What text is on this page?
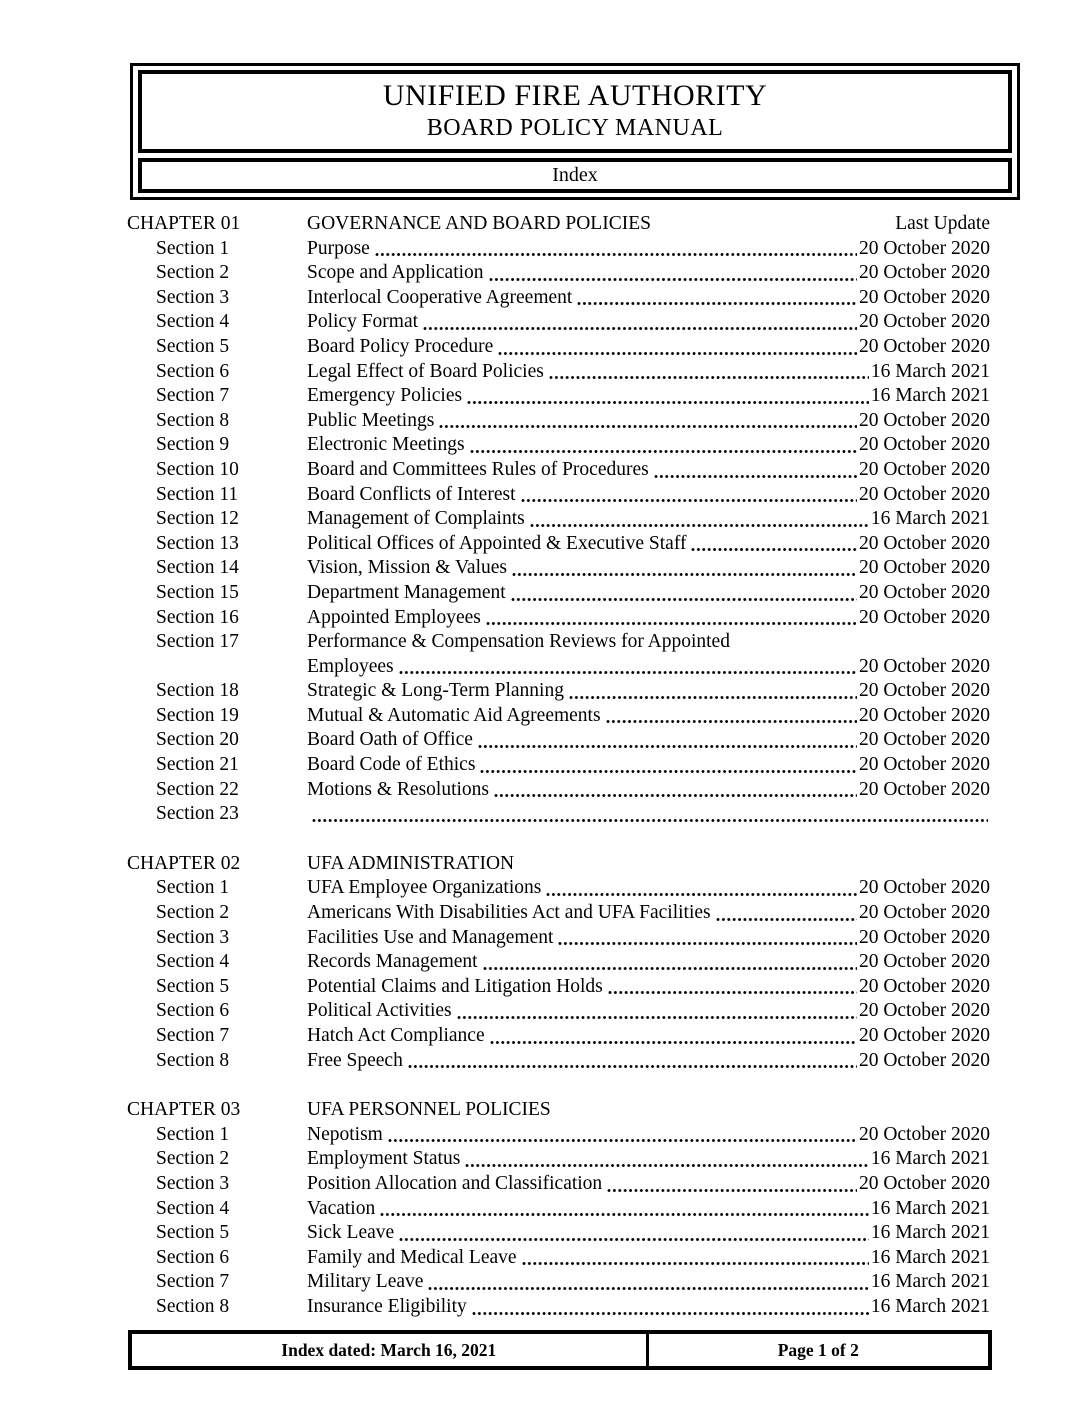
UNIFIED FIRE AUTHORITY
BOARD POLICY MANUAL
Index
CHAPTER 01	GOVERNANCE AND BOARD POLICIES	Last Update
Section 1	Purpose	20 October 2020
Section 2	Scope and Application	20 October 2020
Section 3	Interlocal Cooperative Agreement	20 October 2020
Section 4	Policy Format	20 October 2020
Section 5	Board Policy Procedure	20 October 2020
Section 6	Legal Effect of Board Policies	16 March 2021
Section 7	Emergency Policies	16 March 2021
Section 8	Public Meetings	20 October 2020
Section 9	Electronic Meetings	20 October 2020
Section 10	Board and Committees Rules of Procedures	20 October 2020
Section 11	Board Conflicts of Interest	20 October 2020
Section 12	Management of Complaints	16 March 2021
Section 13	Political Offices of Appointed & Executive Staff	20 October 2020
Section 14	Vision, Mission & Values	20 October 2020
Section 15	Department Management	20 October 2020
Section 16	Appointed Employees	20 October 2020
Section 17	Performance & Compensation Reviews for Appointed
Employees	20 October 2020
Section 18	Strategic & Long-Term Planning	20 October 2020
Section 19	Mutual & Automatic Aid Agreements	20 October 2020
Section 20	Board Oath of Office	20 October 2020
Section 21	Board Code of Ethics	20 October 2020
Section 22	Motions & Resolutions	20 October 2020
Section 23
CHAPTER 02	UFA ADMINISTRATION
Section 1	UFA Employee Organizations	20 October 2020
Section 2	Americans With Disabilities Act and UFA Facilities	20 October 2020
Section 3	Facilities Use and Management	20 October 2020
Section 4	Records Management	20 October 2020
Section 5	Potential Claims and Litigation Holds	20 October 2020
Section 6	Political Activities	20 October 2020
Section 7	Hatch Act Compliance	20 October 2020
Section 8	Free Speech	20 October 2020
CHAPTER 03	UFA PERSONNEL POLICIES
Section 1	Nepotism	20 October 2020
Section 2	Employment Status	16 March 2021
Section 3	Position Allocation and Classification	20 October 2020
Section 4	Vacation	16 March 2021
Section 5	Sick Leave	16 March 2021
Section 6	Family and Medical Leave	16 March 2021
Section 7	Military Leave	16 March 2021
Section 8	Insurance Eligibility	16 March 2021
Index dated: March 16, 2021	Page 1 of 2
